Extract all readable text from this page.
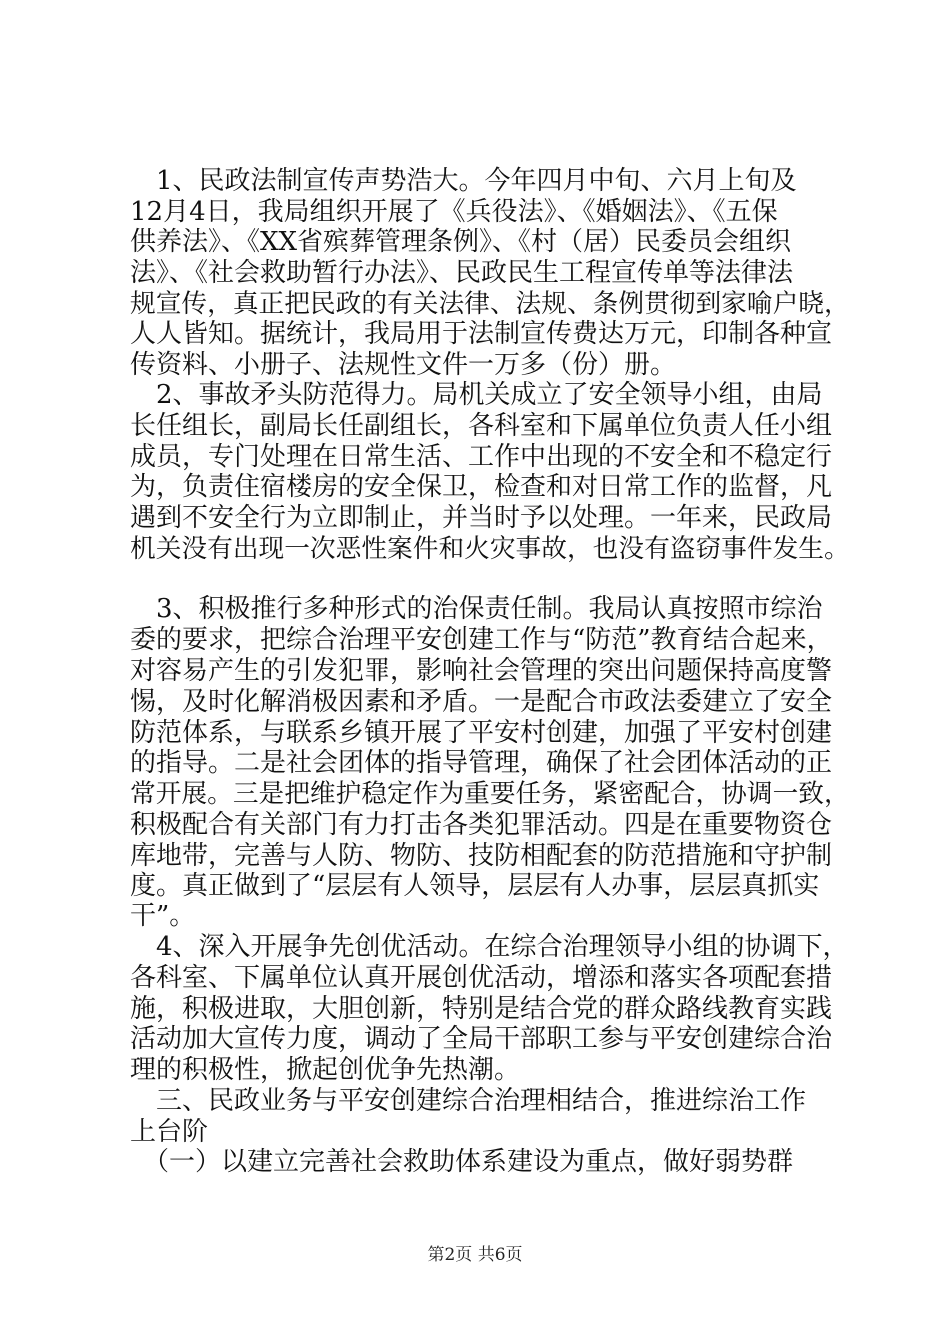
　1、民政法制宣传声势浩大。今年四月中旬、六月上旬及
12月4日，我局组织开展了《兵役法》、《婚姻法》、《五保
供养法》、《XX省殡葬管理条例》、《村（居）民委员会组织
法》、《社会救助暂行办法》、民政民生工程宣传单等法律法
规宣传，真正把民政的有关法律、法规、条例贯彻到家喻户晓，
人人皆知。据统计，我局用于法制宣传费达万元，印制各种宣
传资料、小册子、法规性文件一万多（份）册。
　2、事故矛头防范得力。局机关成立了安全领导小组，由局
长任组长，副局长任副组长，各科室和下属单位负责人任小组
成员，专门处理在日常生活、工作中出现的不安全和不稳定行
为，负责住宿楼房的安全保卫，检查和对日常工作的监督，凡
遇到不安全行为立即制止，并当时予以处理。一年来，民政局
机关没有出现一次恶性案件和火灾事故，也没有盗窃事件发生。
　3、积极推行多种形式的治保责任制。我局认真按照市综治
委的要求，把综合治理平安创建工作与“防范”教育结合起来，
对容易产生的引发犯罪，影响社会管理的突出问题保持高度警
惕，及时化解消极因素和矛盾。一是配合市政法委建立了安全
防范体系，与联系乡镇开展了平安村创建，加强了平安村创建
的指导。二是社会团体的指导管理，确保了社会团体活动的正
常开展。三是把维护稳定作为重要任务，紧密配合，协调一致，
积极配合有关部门有力打击各类犯罪活动。四是在重要物资仓
库地带，完善与人防、物防、技防相配套的防范措施和守护制
度。真正做到了“层层有人领导，层层有人办事，层层真抓实
干”。
　4、深入开展争先创优活动。在综合治理领导小组的协调下，
各科室、下属单位认真开展创优活动，增添和落实各项配套措
施，积极进取，大胆创新，特别是结合党的群众路线教育实践
活动加大宣传力度，调动了全局干部职工参与平安创建综合治
理的积极性，掀起创优争先热潮。
　三、民政业务与平安创建综合治理相结合，推进综治工作
上台阶
　（一）以建立完善社会救助体系建设为重点，做好弱势群
第2页 共6页
